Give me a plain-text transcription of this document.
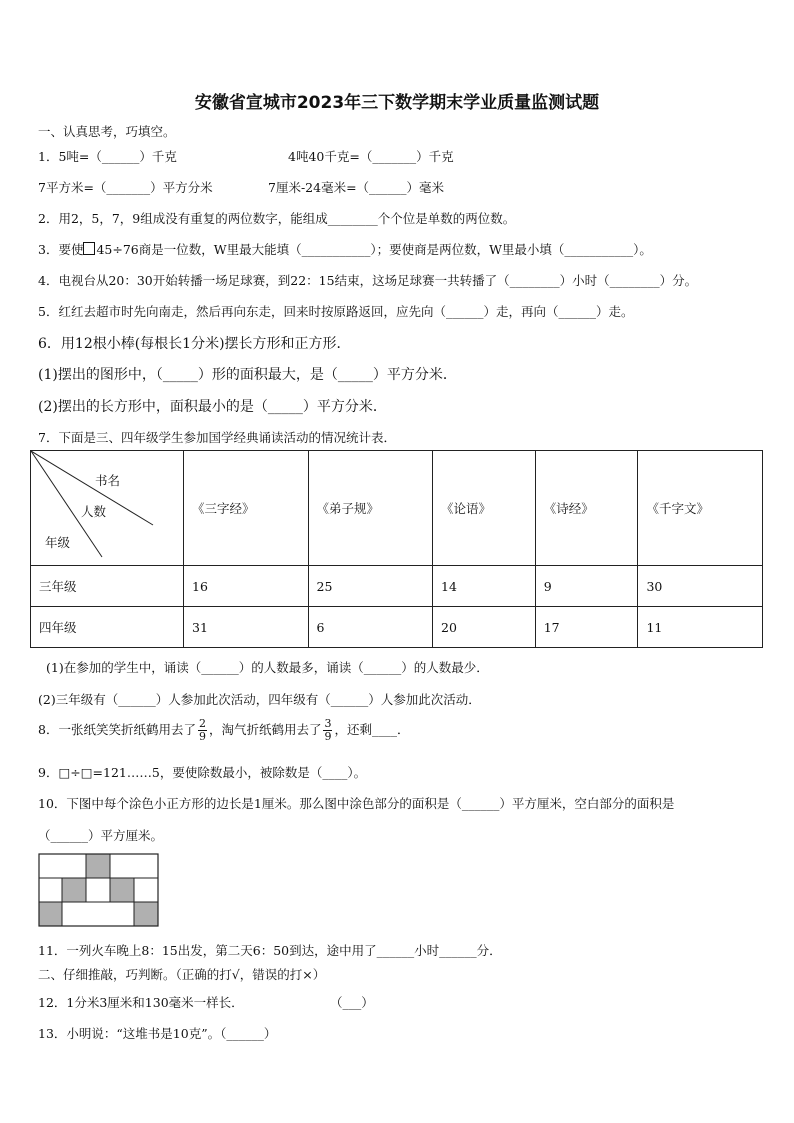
安徽省宣城市2023年三下数学期末学业质量监测试题
一、认真思考，巧填空。
1．5吨=（______）千克	4吨40千克=（_______）千克
7平方米=（_______）平方分米	7厘米-24毫米=（______）毫米
2．用2，5，7，9组成没有重复的两位数字，能组成________个个位是单数的两位数。
3．要使 45÷76商是一位数，W里最大能填（___________）；要使商是两位数，W里最小填（___________）。
4．电视台从20：30开始转播一场足球赛，到22：15结束，这场足球赛一共转播了（________）小时（________）分。
5．红红去超市时先向南走，然后再向东走，回来时按原路返回，应先向（______）走，再向（______）走。
6．用12根小棒(每根长1分米)摆长方形和正方形．
(1)摆出的图形中，（_____）形的面积最大，是（_____）平方分米．
(2)摆出的长方形中，面积最小的是（_____）平方分米．
7．下面是三、四年级学生参加国学经典诵读活动的情况统计表．
书名
人数
年级	《三字经》	《弟子规》	《论语》	《诗经》	《千字文》
三年级	16	25	14	9	30
四年级	31	6	20	17	11
(1)在参加的学生中，诵读（______）的人数最多，诵读（______）的人数最少．
(2)三年级有（______）人参加此次活动，四年级有（______）人参加此次活动．
8．一张纸笑笑折纸鹤用去了 $\frac{2}{9}$ ，淘气折纸鹤用去了 $\frac{3}{9}$ ，还剩____．
9．□÷□=121……5，要使除数最小，被除数是（____）。
10．下图中每个涂色小正方形的边长是1厘米。那么图中涂色部分的面积是（______）平方厘米，空白部分的面积是
（______）平方厘米。
11．一列火车晚上8：15出发，第二天6：50到达，途中用了______小时______分．
二、仔细推敲，巧判断。（正确的打√，错误的打×）
12．1分米3厘米和130毫米一样长．	（___）
13．小明说：“这堆书是10克”。（______）
